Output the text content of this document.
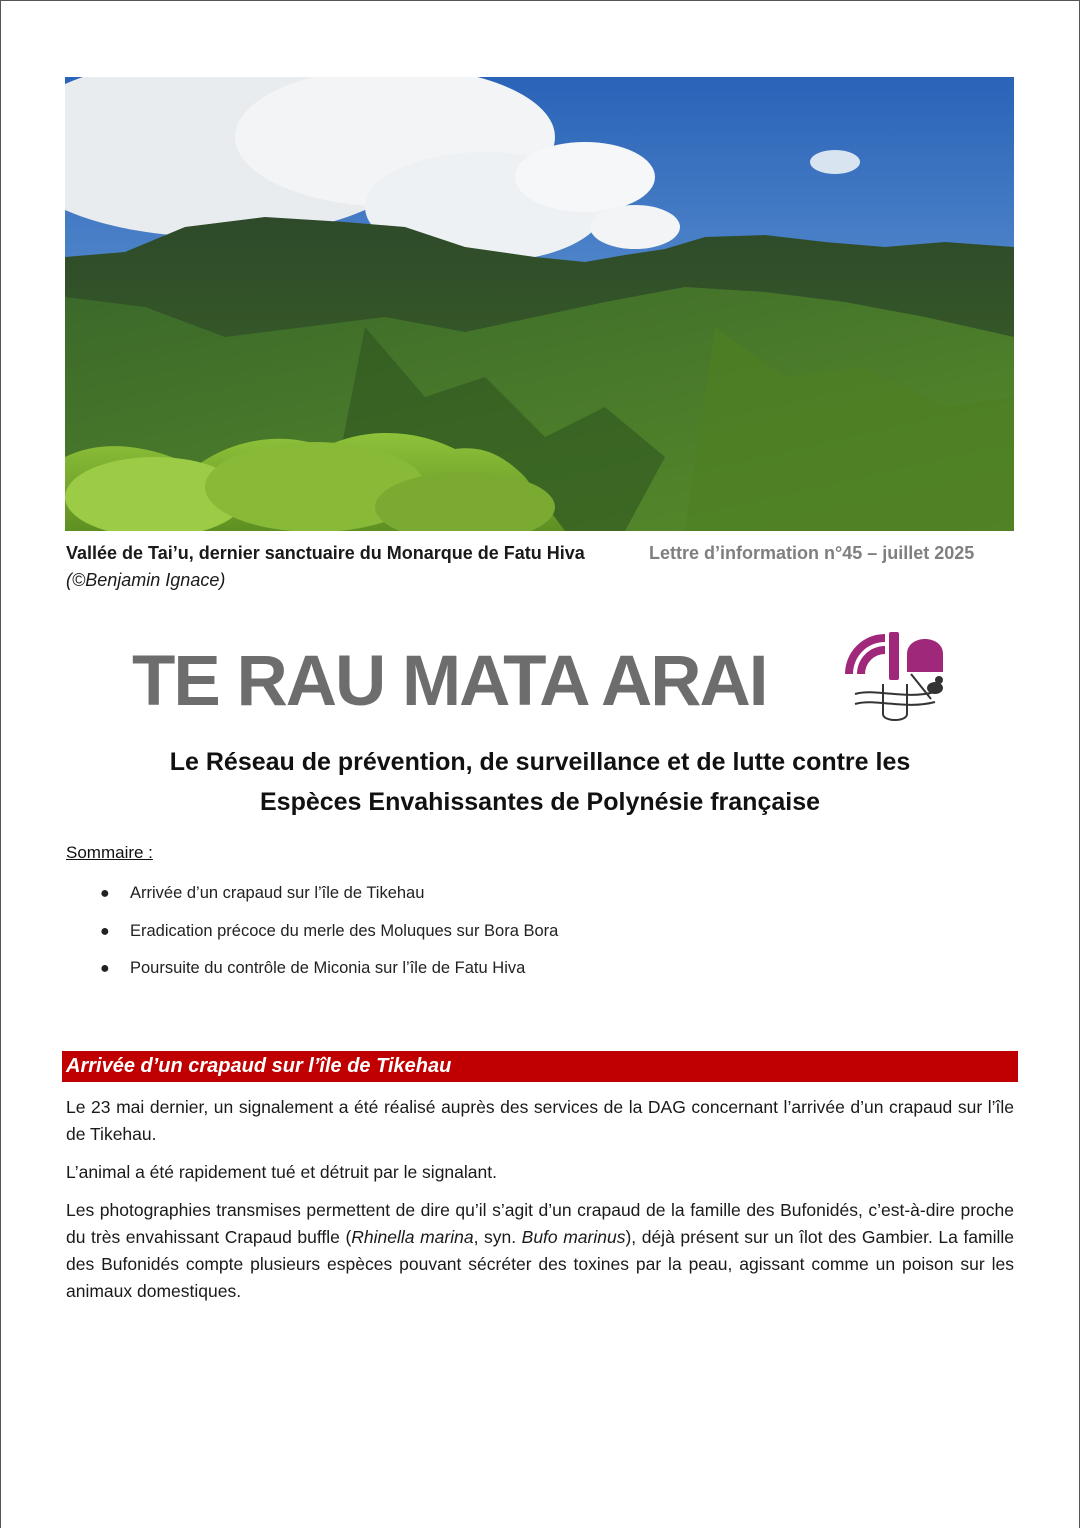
Vallée de Tai’u, dernier sanctuaire du Monarque de Fatu Hiva
(©Benjamin Ignace)
Lettre d’information n°45 – juillet 2025
TE RAU MATA ARAI
Le Réseau de prévention, de surveillance et de lutte contre les
Espèces Envahissantes de Polynésie française
Sommaire :
● Arrivée d’un crapaud sur l’île de Tikehau
● Eradication précoce du merle des Moluques sur Bora Bora
● Poursuite du contrôle de Miconia sur l’île de Fatu Hiva
Arrivée d’un crapaud sur l’île de Tikehau

Le 23 mai dernier, un signalement a été réalisé auprès des services de la DAG concernant l’arrivée d’un crapaud sur l’île de Tikehau.

L’animal a été rapidement tué et détruit par le signalant.

Les photographies transmises permettent de dire qu’il s’agit d’un crapaud de la famille des Bufonidés, c’est-à-dire proche du très envahissant Crapaud buffle (Rhinella marina, syn. Bufo marinus), déjà présent sur un îlot des Gambier. La famille des Bufonidés compte plusieurs espèces pouvant sécréter des toxines par la peau, agissant comme un poison sur les animaux domestiques.
